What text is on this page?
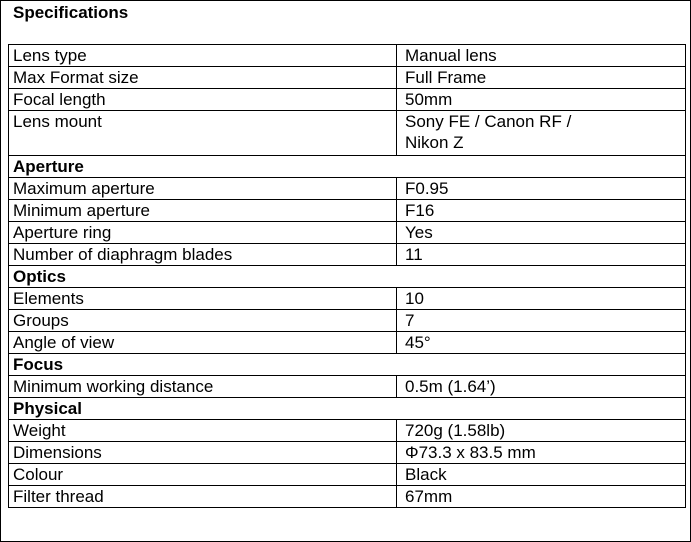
Specifications
Lens type	Manual lens
Max Format size	Full Frame
Focal length	50mm
Lens mount	Sony FE / Canon RF /
Nikon Z

Aperture	
Maximum aperture	F0.95
Minimum aperture	F16
Aperture ring	Yes
Number of diaphragm blades	11
Optics	
Elements	10
Groups	7
Angle of view	45°
Focus	
Minimum working distance	0.5m (1.64’)
Physical	
Weight	720g (1.58lb)
Dimensions	Φ73.3 x 83.5 mm
Colour	Black
Filter thread	67mm
